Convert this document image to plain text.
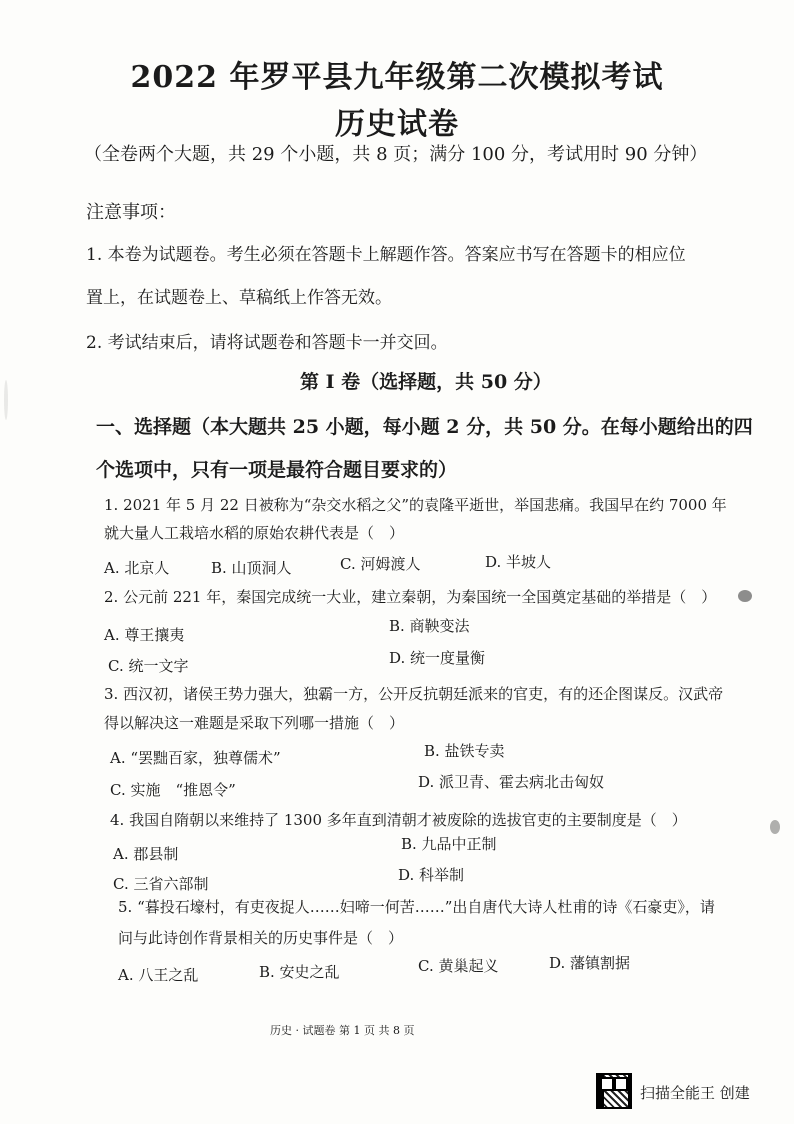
2022 年罗平县九年级第二次模拟考试
历史试卷
（全卷两个大题，共 29 个小题，共 8 页；满分 100 分，考试用时 90 分钟）
注意事项：
1. 本卷为试题卷。考生必须在答题卡上解题作答。答案应书写在答题卡的相应位
置上，在试题卷上、草稿纸上作答无效。
2. 考试结束后，请将试题卷和答题卡一并交回。
第 I 卷（选择题，共 50 分）
一、选择题（本大题共 25 小题，每小题 2 分，共 50 分。在每小题给出的四
个选项中，只有一项是最符合题目要求的）
1. 2021 年 5 月 22 日被称为“杂交水稻之父”的袁隆平逝世，举国悲痛。我国早在约 7000 年
就大量人工栽培水稻的原始农耕代表是（　）
A. 北京人	B. 山顶洞人	C. 河姆渡人	D. 半坡人
2. 公元前 221 年，秦国完成统一大业，建立秦朝，为秦国统一全国奠定基础的举措是（　）
A. 尊王攘夷	B. 商鞅变法
C. 统一文字	D. 统一度量衡
3. 西汉初，诸侯王势力强大，独霸一方，公开反抗朝廷派来的官吏，有的还企图谋反。汉武帝
得以解决这一难题是采取下列哪一措施（　）
A. “罢黜百家，独尊儒术”	B. 盐铁专卖
C. 实施　“推恩令”	D. 派卫青、霍去病北击匈奴
4. 我国自隋朝以来维持了 1300 多年直到清朝才被废除的选拔官吏的主要制度是（　）
A. 郡县制
B. 九品中正制
C. 三省六部制	D. 科举制
5. “暮投石壕村，有吏夜捉人……妇啼一何苦……”出自唐代大诗人杜甫的诗《石豪吏》，请
问与此诗创作背景相关的历史事件是（　）
A. 八王之乱	B. 安史之乱	C. 黄巢起义	D. 藩镇割据
历史 · 试题卷 第 1 页 共 8 页
扫描全能王 创建
